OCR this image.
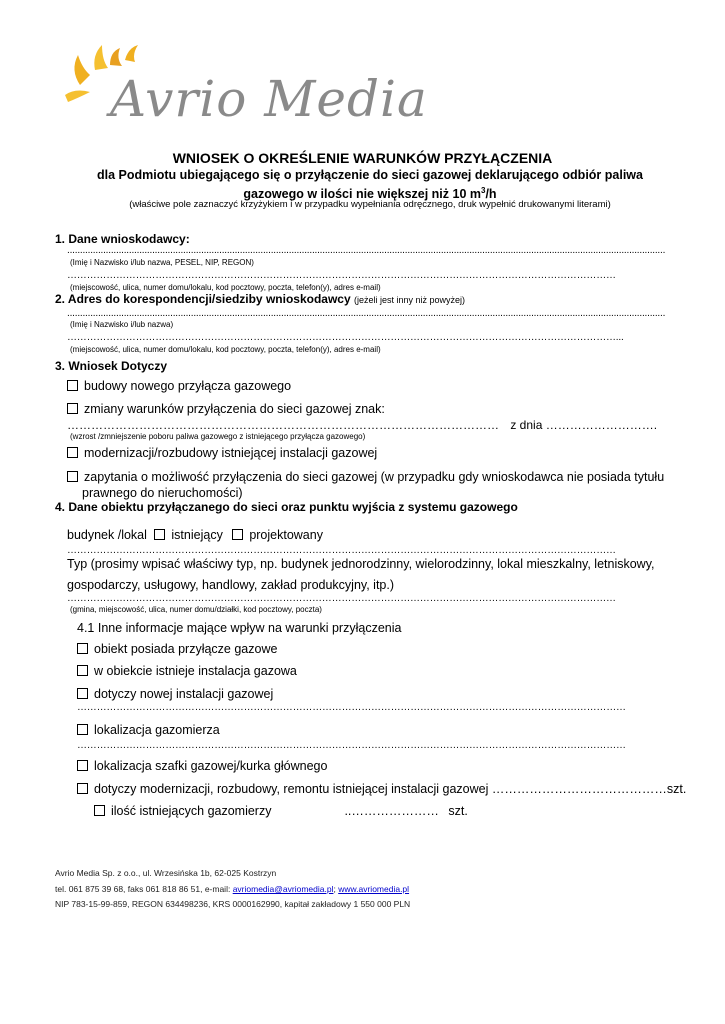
Avrio Media
WNIOSEK O OKREŚLENIE WARUNKÓW PRZYŁĄCZENIA
dla Podmiotu ubiegającego się o przyłączenie do sieci gazowej deklarującego odbiór paliwa
gazowego w ilości nie większej niż 10 $m^3/h$
(właściwe pole zaznaczyć krzyżykiem i w przypadku wypełniania odręcznego, druk wypełnić drukowanymi literami)
1. Dane wnioskodawcy:
........................................................................................................................................................................................................................................
(Imię i Nazwisko i/lub nazwa, PESEL, NIP, REGON)
……………………………………………………………………………………………………………………………………………………
(miejscowość, ulica, numer domu/lokalu, kod pocztowy, poczta, telefon(y), adres e-mail)
2. Adres do korespondencji/siedziby wnioskodawcy (jeżeli jest inny niż powyżej)
........................................................................................................................................................................................................................................
(Imię i Nazwisko i/lub nazwa)
……………………………………………………………………………………………………………………………………………………...
(miejscowość, ulica, numer domu/lokalu, kod pocztowy, poczta, telefon(y), adres e-mail)
3. Wniosek Dotyczy
budowy nowego przyłącza gazowego
zmiany warunków przyłączenia do sieci gazowej znak:
……………………………………………………………………………………………… z dnia ……………………….
(wzrost /zmniejszenie poboru paliwa gazowego z istniejącego przyłącza gazowego)
modernizacji/rozbudowy istniejącej instalacji gazowej
zapytania o możliwość przyłączenia do sieci gazowej (w przypadku gdy wnioskodawca nie posiada tytułu
prawnego do nieruchomości)
4. Dane obiektu przyłączanego do sieci oraz punktu wyjścia z systemu gazowego
budynek /lokal istniejący projektowany
……………………………………………………………………………………………………………………………………………………
Typ (prosimy wpisać właściwy typ, np. budynek jednorodzinny, wielorodzinny, lokal mieszkalny, letniskowy,
gospodarczy, usługowy, handlowy, zakład produkcyjny, itp.)
……………………………………………………………………………………………………………………………………………………
(gmina, miejscowość, ulica, numer domu/działki, kod pocztowy, poczta)
4.1 Inne informacje mające wpływ na warunki przyłączenia
obiekt posiada przyłącze gazowe
w obiekcie istnieje instalacja gazowa
dotyczy nowej instalacji gazowej
……………………………………………………………………………………………………………………………………………………
lokalizacja gazomierza
……………………………………………………………………………………………………………………………………………………
lokalizacja szafki gazowej/kurka głównego
dotyczy modernizacji, rozbudowy, remontu istniejącej instalacji gazowej ……………………………………szt.
ilość istniejących gazomierzy	..………………… szt.
Avrio Media Sp. z o.o., ul. Wrzesińska 1b, 62-025 Kostrzyn
tel. 061 875 39 68, faks 061 818 86 51, e-mail: avriomedia@avriomedia.pl; www.avriomedia.pl
NIP 783-15-99-859, REGON 634498236, KRS 0000162990, kapitał zakładowy 1 550 000 PLN
